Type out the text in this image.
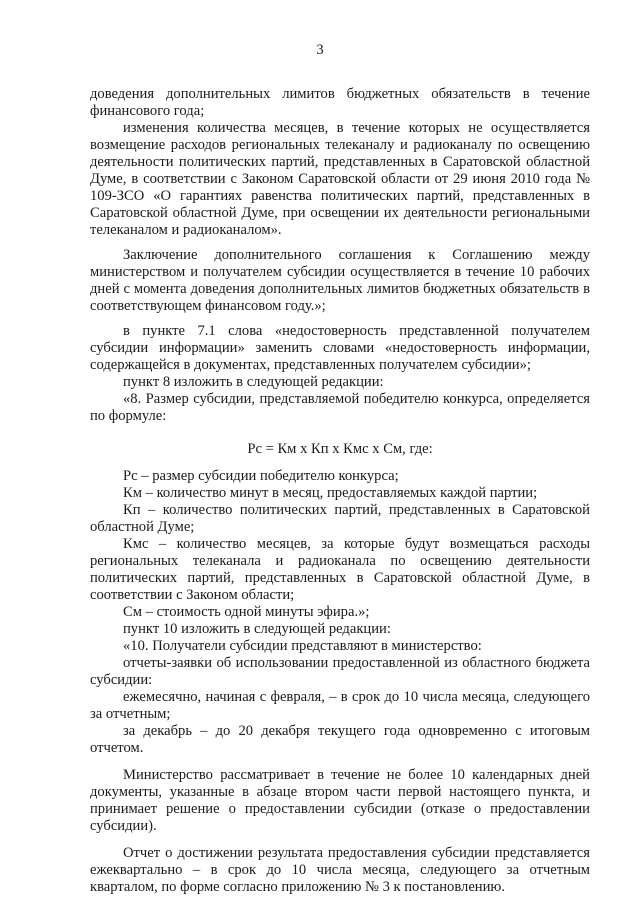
3

доведения дополнительных лимитов бюджетных обязательств в течение финансового года;

изменения количества месяцев, в течение которых не осуществляется возмещение расходов региональных телеканалу и радиоканалу по освещению деятельности политических партий, представленных в Саратовской областной Думе, в соответствии с Законом Саратовской области от 29 июня 2010 года № 109-ЗСО «О гарантиях равенства политических партий, представленных в Саратовской областной Думе, при освещении их деятельности региональными телеканалом и радиоканалом».

Заключение дополнительного соглашения к Соглашению между министерством и получателем субсидии осуществляется в течение 10 рабочих дней с момента доведения дополнительных лимитов бюджетных обязательств в соответствующем финансовом году.»;

в пункте 7.1 слова «недостоверность представленной получателем субсидии информации» заменить словами «недостоверность информации, содержащейся в документах, представленных получателем субсидии»;

пункт 8 изложить в следующей редакции:

«8. Размер субсидии, представляемой победителю конкурса, определяется по формуле:

Рс = Км х Кп х Кмс х См, где:

Рс – размер субсидии победителю конкурса;

Км – количество минут в месяц, предоставляемых каждой партии;

Кп – количество политических партий, представленных в Саратовской областной Думе;

Кмс – количество месяцев, за которые будут возмещаться расходы региональных телеканала и радиоканала по освещению деятельности политических партий, представленных в Саратовской областной Думе, в соответствии с Законом области;

См – стоимость одной минуты эфира.»;

пункт 10 изложить в следующей редакции:

«10. Получатели субсидии представляют в министерство:

отчеты-заявки об использовании предоставленной из областного бюджета субсидии:

ежемесячно, начиная с февраля, – в срок до 10 числа месяца, следующего за отчетным;

за декабрь – до 20 декабря текущего года одновременно с итоговым отчетом.

Министерство рассматривает в течение не более 10 календарных дней документы, указанные в абзаце втором части первой настоящего пункта, и принимает решение о предоставлении субсидии (отказе о предоставлении субсидии).

Отчет о достижении результата предоставления субсидии представляется ежеквартально – в срок до 10 числа месяца, следующего за отчетным кварталом, по форме согласно приложению № 3 к постановлению.
